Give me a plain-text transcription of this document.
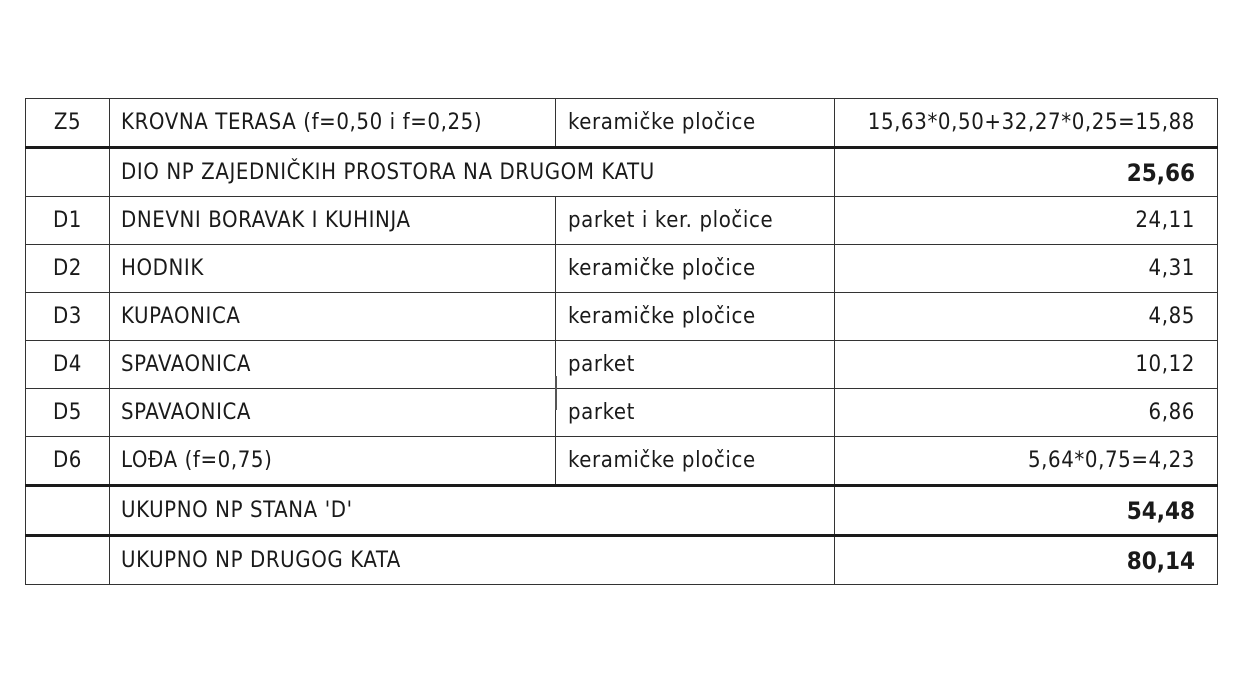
Z5	KROVNA TERASA (f=0,50 i f=0,25)	keramičke pločice	15,63*0,50+32,27*0,25=15,88
	DIO NP ZAJEDNIČKIH PROSTORA NA DRUGOM KATU		25,66
D1	DNEVNI BORAVAK I KUHINJA	parket i ker. pločice	24,11
D2	HODNIK	keramičke pločice	4,31
D3	KUPAONICA	keramičke pločice	4,85
D4	SPAVAONICA	parket	10,12
D5	SPAVAONICA	parket	6,86
D6	LOĐA (f=0,75)	keramičke pločice	5,64*0,75=4,23
	UKUPNO NP STANA 'D'		54,48
	UKUPNO NP DRUGOG KATA		80,14
